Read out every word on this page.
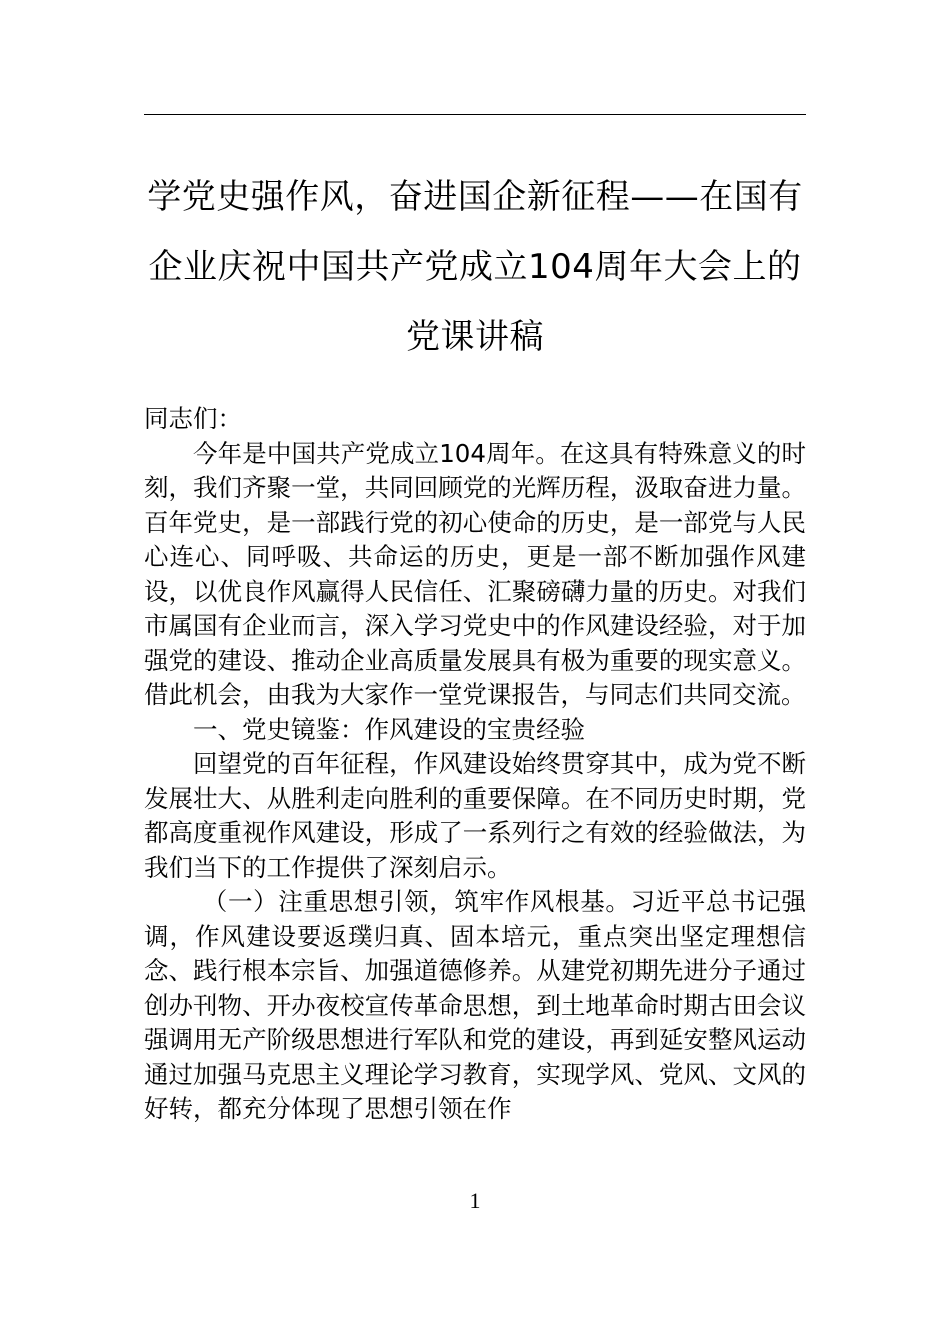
学党史强作风，奋进国企新征程——在国有企业庆祝中国共产党成立104周年大会上的党课讲稿

同志们：

今年是中国共产党成立104周年。在这具有特殊意义的时刻，我们齐聚一堂，共同回顾党的光辉历程，汲取奋进力量。百年党史，是一部践行党的初心使命的历史，是一部党与人民心连心、同呼吸、共命运的历史，更是一部不断加强作风建设，以优良作风赢得人民信任、汇聚磅礴力量的历史。对我们市属国有企业而言，深入学习党史中的作风建设经验，对于加强党的建设、推动企业高质量发展具有极为重要的现实意义。借此机会，由我为大家作一堂党课报告，与同志们共同交流。

一、党史镜鉴：作风建设的宝贵经验

回望党的百年征程，作风建设始终贯穿其中，成为党不断发展壮大、从胜利走向胜利的重要保障。在不同历史时期，党都高度重视作风建设，形成了一系列行之有效的经验做法，为我们当下的工作提供了深刻启示。

（一）注重思想引领，筑牢作风根基。习近平总书记强调，作风建设要返璞归真、固本培元，重点突出坚定理想信念、践行根本宗旨、加强道德修养。从建党初期先进分子通过创办刊物、开办夜校宣传革命思想，到土地革命时期古田会议强调用无产阶级思想进行军队和党的建设，再到延安整风运动通过加强马克思主义理论学习教育，实现学风、党风、文风的好转，都充分体现了思想引领在作

1
